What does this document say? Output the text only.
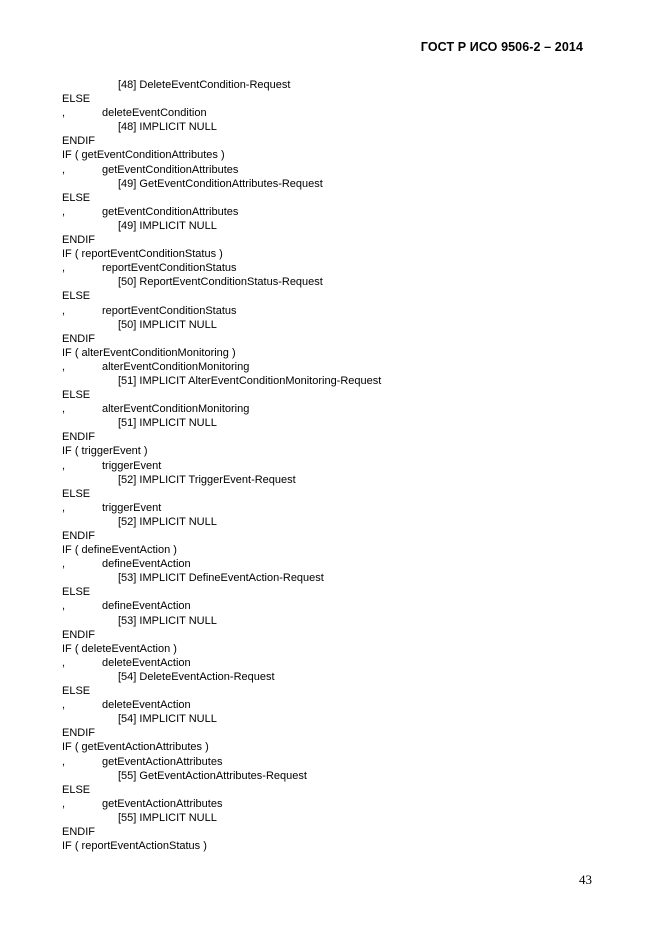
ГОСТ Р ИСО 9506-2 – 2014
[48] DeleteEventCondition-Request
ELSE
,	deleteEventCondition
[48] IMPLICIT NULL
ENDIF
IF ( getEventConditionAttributes )
,	getEventConditionAttributes
[49] GetEventConditionAttributes-Request
ELSE
,	getEventConditionAttributes
[49] IMPLICIT NULL
ENDIF
IF ( reportEventConditionStatus )
,	reportEventConditionStatus
[50] ReportEventConditionStatus-Request
ELSE
,	reportEventConditionStatus
[50] IMPLICIT NULL
ENDIF
IF ( alterEventConditionMonitoring )
,	alterEventConditionMonitoring
[51] IMPLICIT AlterEventConditionMonitoring-Request
ELSE
,	alterEventConditionMonitoring
[51] IMPLICIT NULL
ENDIF
IF ( triggerEvent )
,	triggerEvent
[52] IMPLICIT TriggerEvent-Request
ELSE
,	triggerEvent
[52] IMPLICIT NULL
ENDIF
IF ( defineEventAction )
,	defineEventAction
[53] IMPLICIT DefineEventAction-Request
ELSE
,	defineEventAction
[53] IMPLICIT NULL
ENDIF
IF ( deleteEventAction )
,	deleteEventAction
[54] DeleteEventAction-Request
ELSE
,	deleteEventAction
[54] IMPLICIT NULL
ENDIF
IF ( getEventActionAttributes )
,	getEventActionAttributes
[55] GetEventActionAttributes-Request
ELSE
,	getEventActionAttributes
[55] IMPLICIT NULL
ENDIF
IF ( reportEventActionStatus )
43
